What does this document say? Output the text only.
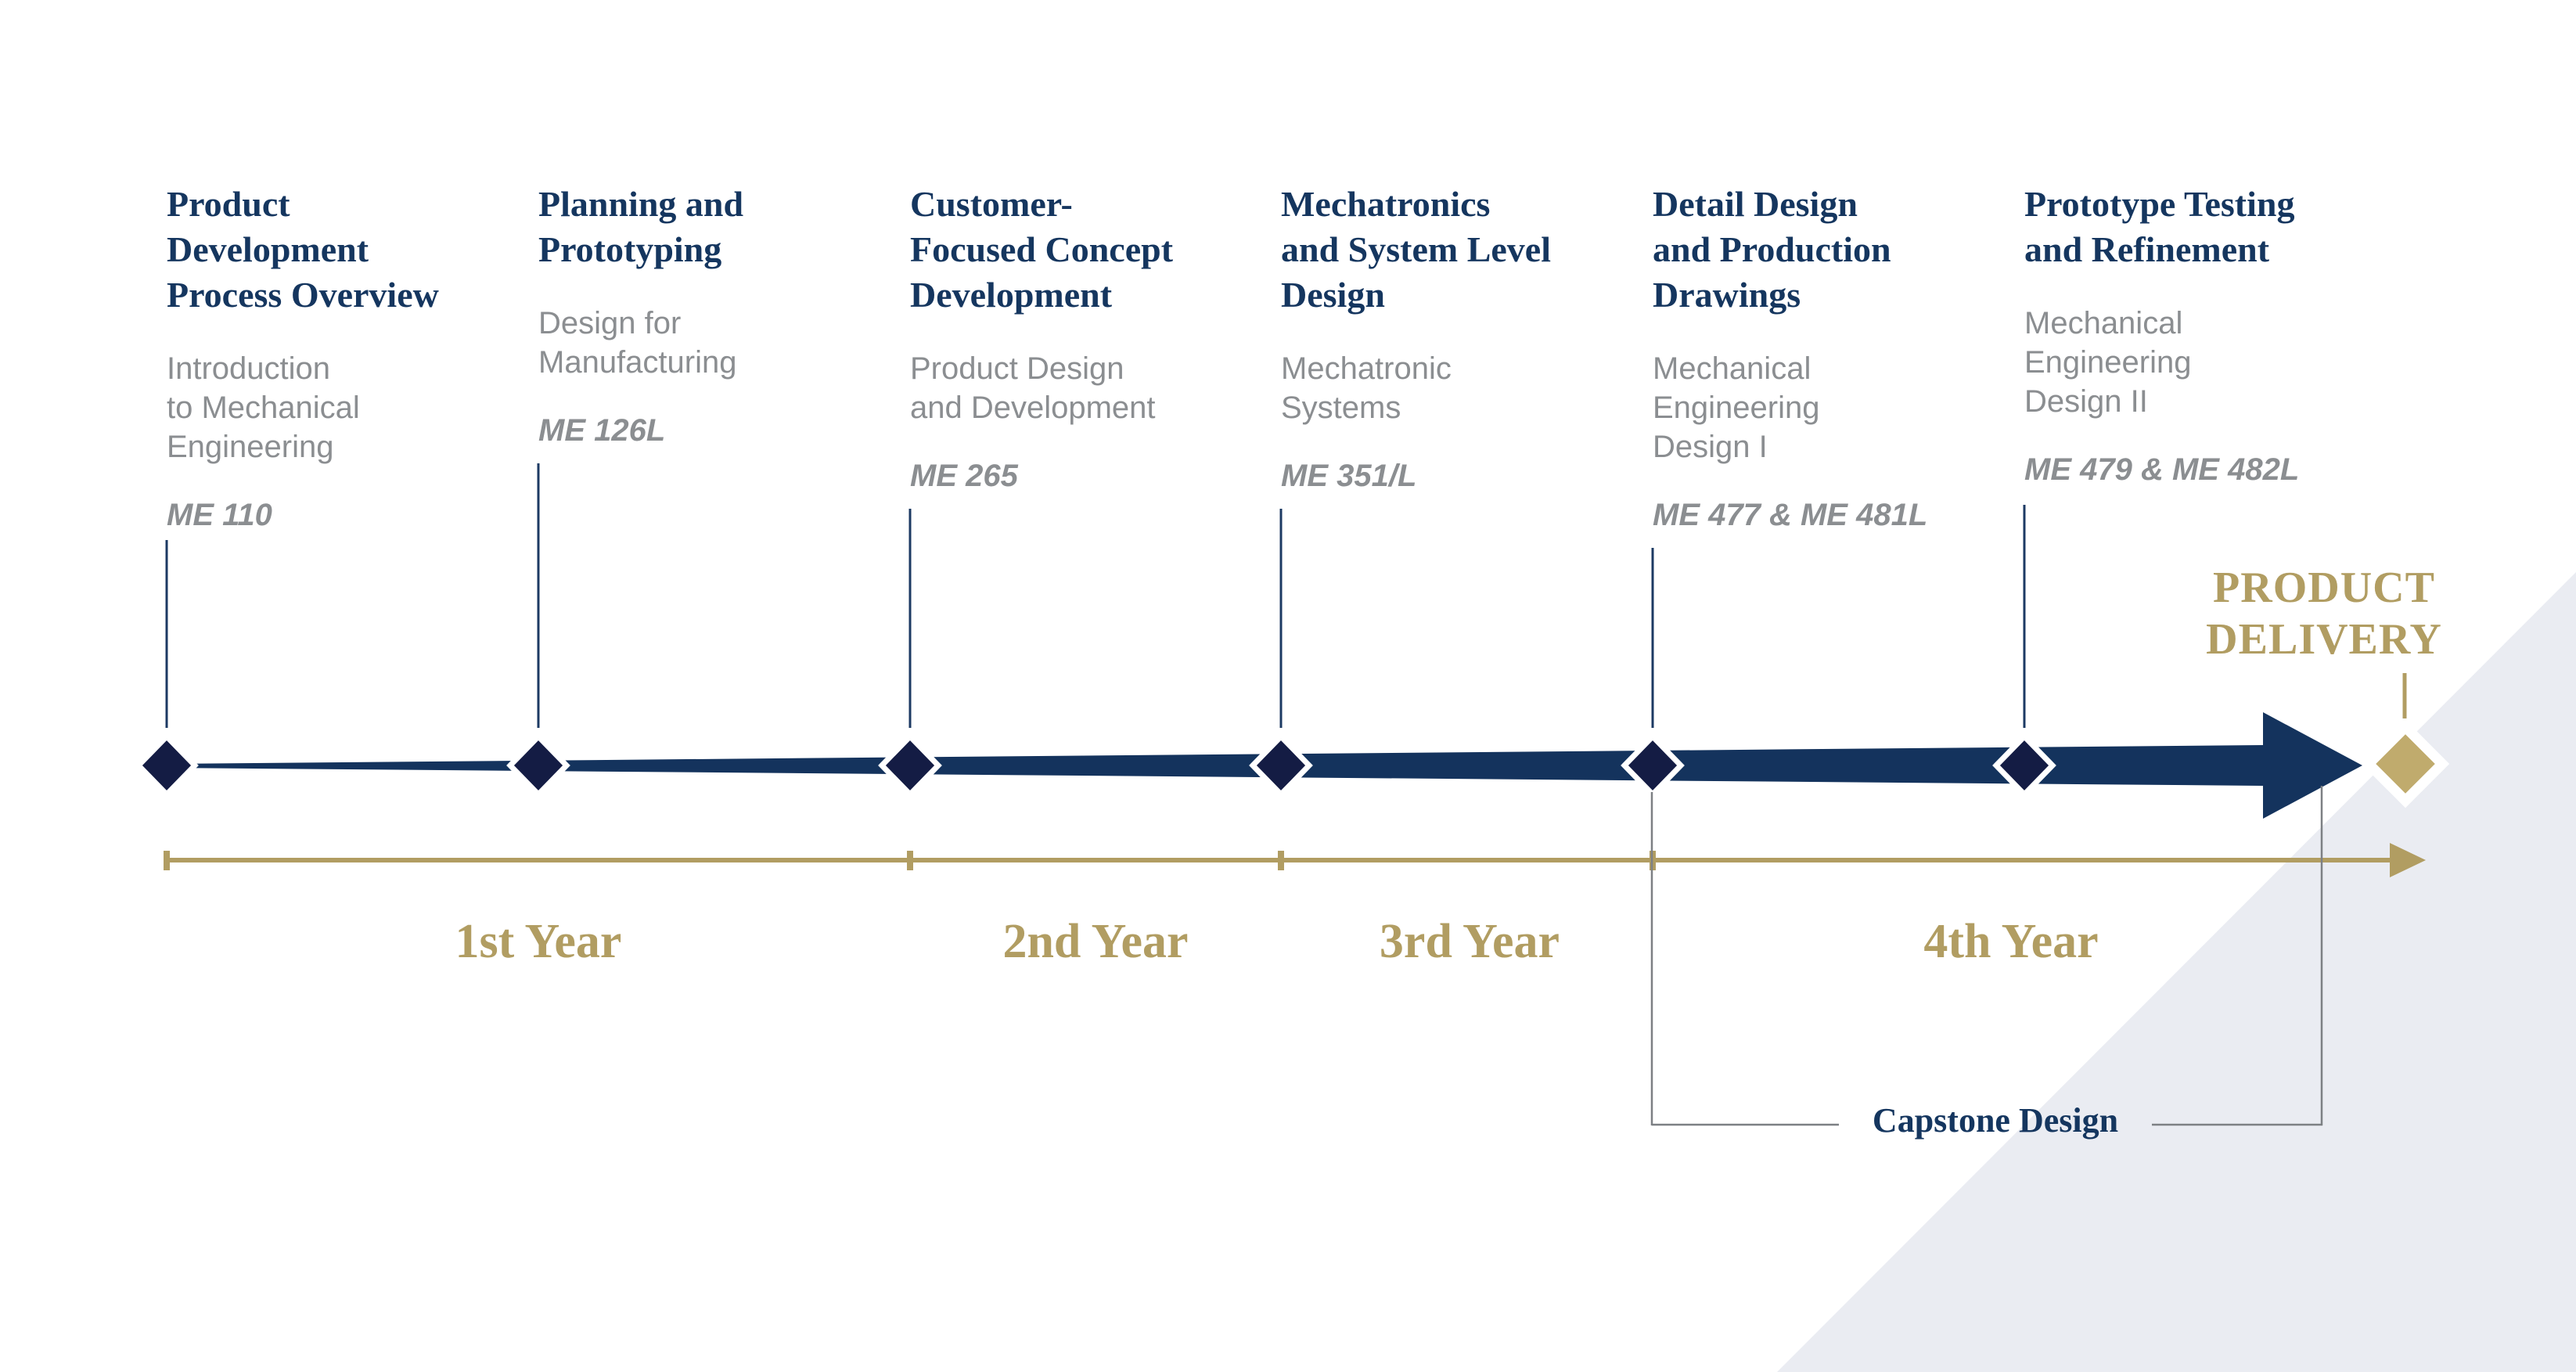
Product
Development
Process Overview
Introduction
to Mechanical
Engineering
ME 110
Planning and
Prototyping
Design for
Manufacturing
ME 126L
Customer-
Focused Concept
Development
Product Design
and Development
ME 265
Mechatronics
and System Level
Design
Mechatronic
Systems
ME 351/L
Detail Design
and Production
Drawings
Mechanical
Engineering
Design I
ME 477 & ME 481L
Prototype Testing
and Refinement
Mechanical
Engineering
Design II
ME 479 & ME 482L
1st Year	2nd Year	3rd Year	4th Year
PRODUCT
DELIVERY
Capstone Design
